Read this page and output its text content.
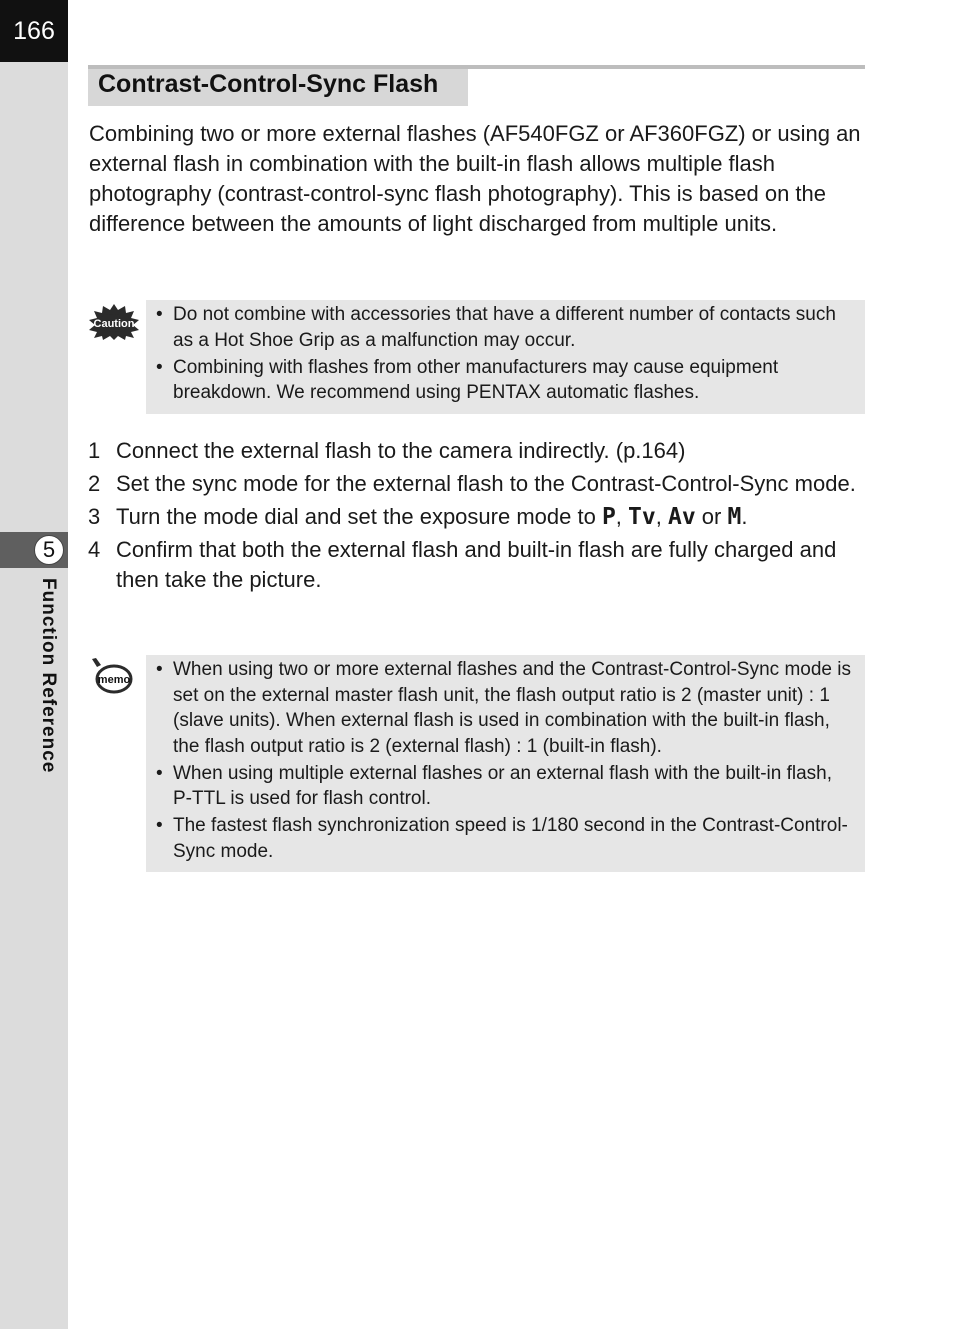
166
5
Function Reference
Contrast-Control-Sync Flash

Combining two or more external flashes (AF540FGZ or AF360FGZ) or using an external flash in combination with the built-in flash allows multiple flash photography (contrast-control-sync flash photography). This is based on the difference between the amounts of light discharged from multiple units.

Caution • Do not combine with accessories that have a different number of contacts such as a Hot Shoe Grip as a malfunction may occur.
• Combining with flashes from other manufacturers may cause equipment breakdown. We recommend using PENTAX automatic flashes.
1 Connect the external flash to the camera indirectly. (p.164)
2 Set the sync mode for the external flash to the Contrast-Control-Sync mode.
3 Turn the mode dial and set the exposure mode to P, Tv, Av or M.
4 Confirm that both the external flash and built-in flash are fully charged and then take the picture.
memo • When using two or more external flashes and the Contrast-Control-Sync mode is set on the external master flash unit, the flash output ratio is 2 (master unit) : 1 (slave units). When external flash is used in combination with the built-in flash, the flash output ratio is 2 (external flash) : 1 (built-in flash).
• When using multiple external flashes or an external flash with the built-in flash, P-TTL is used for flash control.
• The fastest flash synchronization speed is 1/180 second in the Contrast-Control-Sync mode.
